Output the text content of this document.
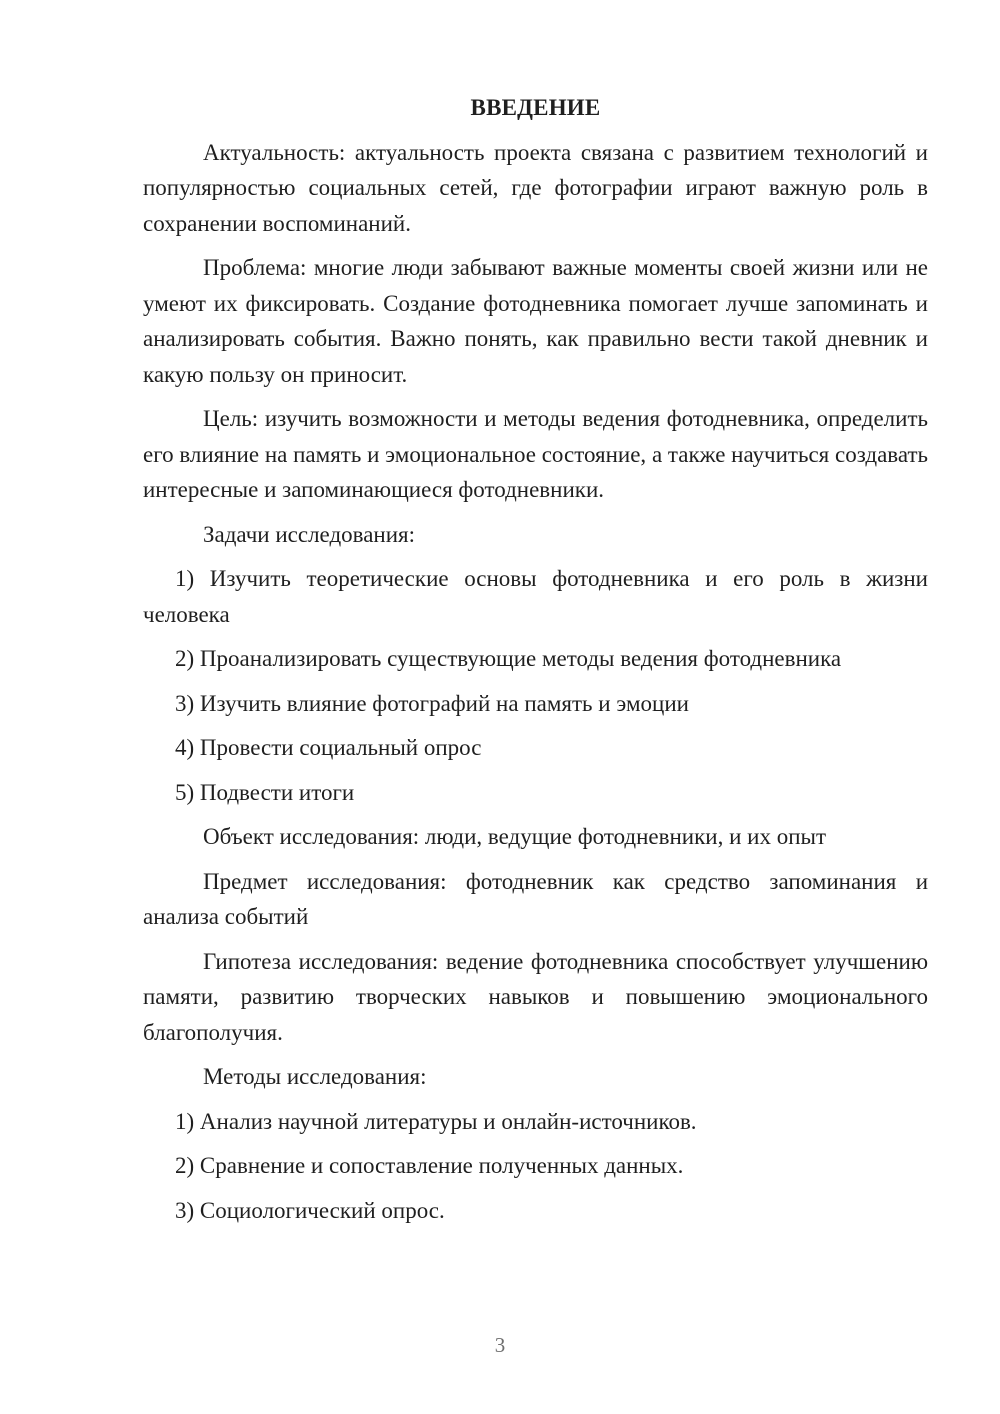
ВВЕДЕНИЕ

Актуальность: актуальность проекта связана с развитием технологий и популярностью социальных сетей, где фотографии играют важную роль в сохранении воспоминаний.

Проблема: многие люди забывают важные моменты своей жизни или не умеют их фиксировать. Создание фотодневника помогает лучше запоминать и анализировать события. Важно понять, как правильно вести такой дневник и какую пользу он приносит.

Цель: изучить возможности и методы ведения фотодневника, определить его влияние на память и эмоциональное состояние, а также научиться создавать интересные и запоминающиеся фотодневники.

Задачи исследования:

1) Изучить теоретические основы фотодневника и его роль в жизни человека

2) Проанализировать существующие методы ведения фотодневника

3) Изучить влияние фотографий на память и эмоции

4) Провести социальный опрос

5) Подвести итоги

Объект исследования: люди, ведущие фотодневники, и их опыт

Предмет исследования: фотодневник как средство запоминания и анализа событий

Гипотеза исследования: ведение фотодневника способствует улучшению памяти, развитию творческих навыков и повышению эмоционального благополучия.

Методы исследования:

1) Анализ научной литературы и онлайн-источников.

2) Сравнение и сопоставление полученных данных.

3) Социологический опрос.

3
